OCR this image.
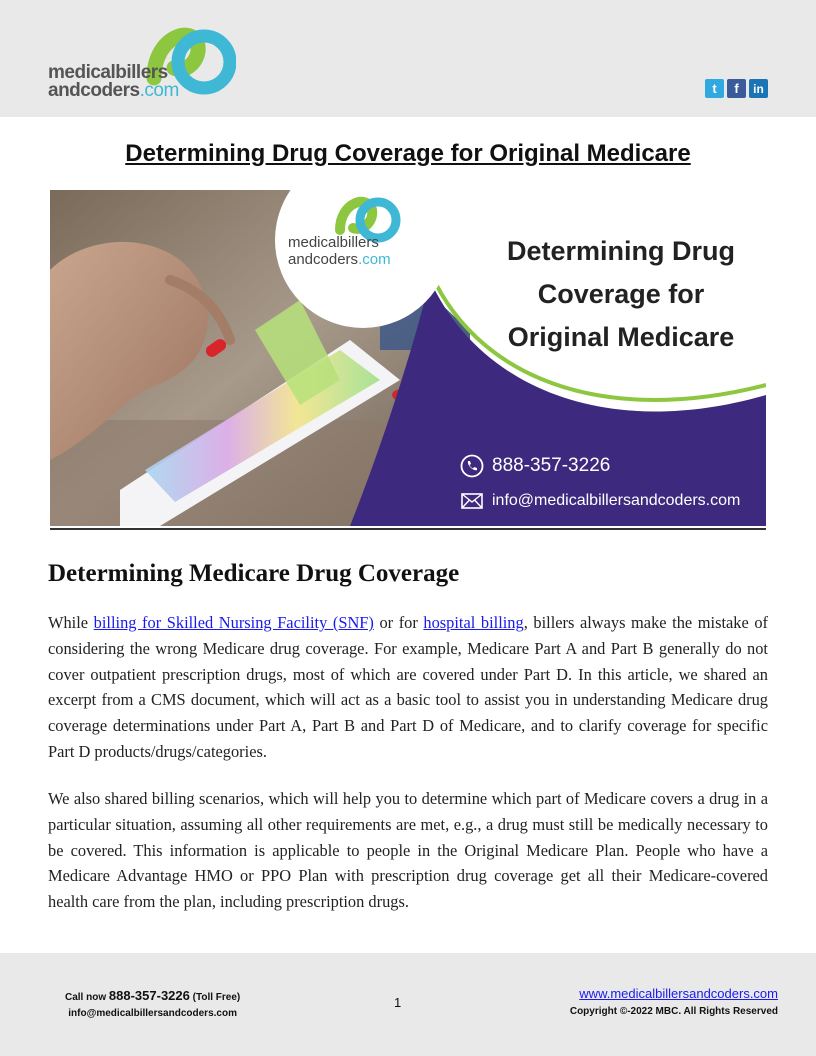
medicalbillers
andcoders.com	t	f	in
Determining Drug Coverage for Original Medicare
medicalbillers
andcoders.com	Determining Drug
Coverage for
Original Medicare
888-357-3226
info@medicalbillersandcoders.com
Determining Medicare Drug Coverage

While billing for Skilled Nursing Facility (SNF) or for hospital billing, billers always make the mistake of considering the wrong Medicare drug coverage. For example, Medicare Part A and Part B generally do not cover outpatient prescription drugs, most of which are covered under Part D. In this article, we shared an excerpt from a CMS document, which will act as a basic tool to assist you in understanding Medicare drug coverage determinations under Part A, Part B and Part D of Medicare, and to clarify coverage for specific Part D products/drugs/categories.

We also shared billing scenarios, which will help you to determine which part of Medicare covers a drug in a particular situation, assuming all other requirements are met, e.g., a drug must still be medically necessary to be covered. This information is applicable to people in the Original Medicare Plan. People who have a Medicare Advantage HMO or PPO Plan with prescription drug coverage get all their Medicare-covered health care from the plan, including prescription drugs.

Call now 888-357-3226 (Toll Free)
info@medicalbillersandcoders.com
1
www.medicalbillersandcoders.com
Copyright ©-2022 MBC. All Rights Reserved
